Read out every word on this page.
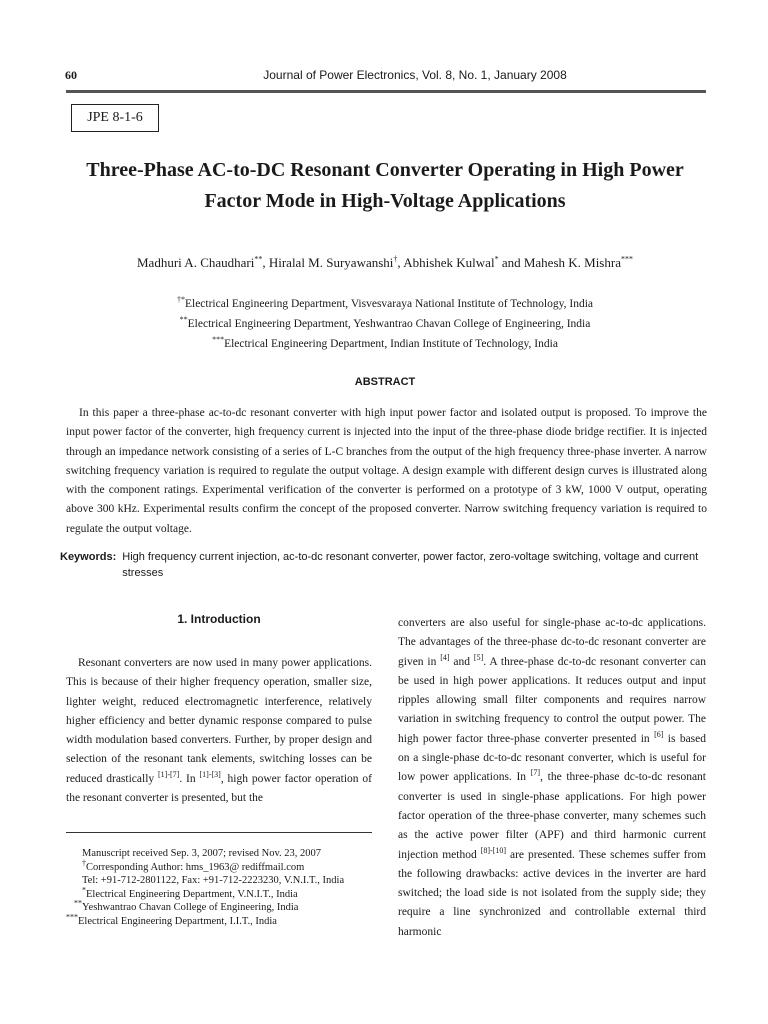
60	Journal of Power Electronics, Vol. 8, No. 1, January 2008
JPE 8-1-6
Three-Phase AC-to-DC Resonant Converter Operating in High Power
Factor Mode in High-Voltage Applications
Madhuri A. Chaudhari**, Hiralal M. Suryawanshi†, Abhishek Kulwal* and Mahesh K. Mishra***
†*Electrical Engineering Department, Visvesvaraya National Institute of Technology, India
**Electrical Engineering Department, Yeshwantrao Chavan College of Engineering, India
***Electrical Engineering Department, Indian Institute of Technology, India
ABSTRACT

In this paper a three-phase ac-to-dc resonant converter with high input power factor and isolated output is proposed. To improve the input power factor of the converter, high frequency current is injected into the input of the three-phase diode bridge rectifier. It is injected through an impedance network consisting of a series of L-C branches from the output of the high frequency three-phase inverter. A narrow switching frequency variation is required to regulate the output voltage. A design example with different design curves is illustrated along with the component ratings. Experimental verification of the converter is performed on a prototype of 3 kW, 1000 V output, operating above 300 kHz. Experimental results confirm the concept of the proposed converter. Narrow switching frequency variation is required to regulate the output voltage.

Keywords: High frequency current injection, ac-to-dc resonant converter, power factor, zero-voltage switching, voltage and current stresses
1. Introduction

Resonant converters are now used in many power applications. This is because of their higher frequency operation, smaller size, lighter weight, reduced electromagnetic interference, relatively higher efficiency and better dynamic response compared to pulse width modulation based converters. Further, by proper design and selection of the resonant tank elements, switching losses can be reduced drastically [1]-[7]. In [1]-[3], high power factor operation of the resonant converter is presented, but the

Manuscript received Sep. 3, 2007; revised Nov. 23, 2007
†Corresponding Author: hms_1963@ rediffmail.com
Tel: +91-712-2801122, Fax: +91-712-2223230, V.N.I.T., India
*Electrical Engineering Department, V.N.I.T., India
**Yeshwantrao Chavan College of Engineering, India
***Electrical Engineering Department, I.I.T., India

converters are also useful for single-phase ac-to-dc applications. The advantages of the three-phase dc-to-dc resonant converter are given in [4] and [5]. A three-phase dc-to-dc resonant converter can be used in high power applications. It reduces output and input ripples allowing small filter components and requires narrow variation in switching frequency to control the output power. The high power factor three-phase converter presented in [6] is based on a single-phase dc-to-dc resonant converter, which is useful for low power applications. In [7], the three-phase dc-to-dc resonant converter is used in single-phase applications. For high power factor operation of the three-phase converter, many schemes such as the active power filter (APF) and third harmonic current injection method [8]-[10] are presented. These schemes suffer from the following drawbacks: active devices in the inverter are hard switched; the load side is not isolated from the supply side; they require a line synchronized and controllable external third harmonic
